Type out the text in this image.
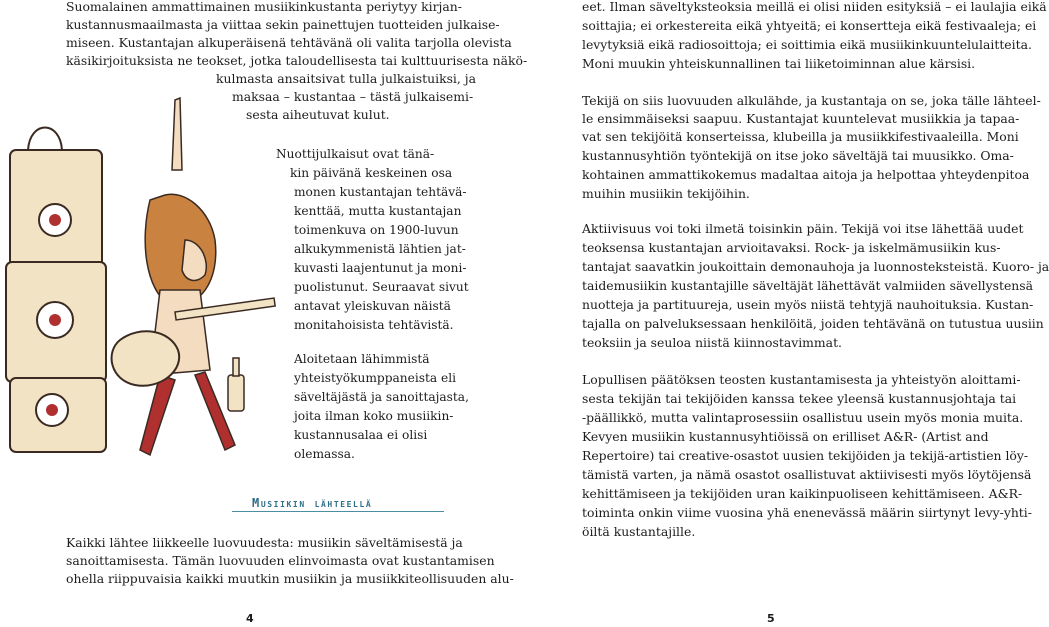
Suomalainen ammattimainen musiikinkustanta periytyy kirjan-
kustannusmaailmasta ja viittaa sekin painettujen tuotteiden julkaise-
miseen. Kustantajan alkuperäisenä tehtävänä oli valita tarjolla olevista
käsikirjoituksista ne teokset, jotka taloudellisesta tai kulttuurisesta näkö-
kulmasta ansaitsivat tulla julkaistuiksi, ja
maksaa – kustantaa – tästä julkaisemi-
sesta aiheutuvat kulut.
Nuottijulkaisut ovat tänä-
kin päivänä keskeinen osa
monen kustantajan tehtävä-
kenttää, mutta kustantajan
toimenkuva on 1900-luvun
alkukymmenistä lähtien jat-
kuvasti laajentunut ja moni-
puolistunut. Seuraavat sivut
antavat yleiskuvan näistä
monitahoisista tehtävistä.
Aloitetaan lähimmistä
yhteistyökumppaneista eli
säveltäjästä ja sanoittajasta,
joita ilman koko musiikin-
kustannusalaa ei olisi
olemassa.
Musiikin lähteellä
Kaikki lähtee liikkeelle luovuudesta: musiikin säveltämisestä ja
sanoittamisesta. Tämän luovuuden elinvoimasta ovat kustantamisen
ohella riippuvaisia kaikki muutkin musiikin ja musiikkiteollisuuden alu-
4
eet. Ilman säveltyksteoksia meillä ei olisi niiden esityksiä – ei laulajia eikä
soittajia; ei orkestereita eikä yhtyeitä; ei konsertteja eikä festivaaleja; ei
levytyksiä eikä radiosoittoja; ei soittimia eikä musiikinkuuntelulaitteita.
Moni muukin yhteiskunnallinen tai liiketoiminnan alue kärsisi.
Tekijä on siis luovuuden alkulähde, ja kustantaja on se, joka tälle lähteel-
le ensimmäiseksi saapuu. Kustantajat kuuntelevat musiikkia ja tapaa-
vat sen tekijöitä konserteissa, klubeilla ja musiikkifestivaaleilla. Moni
kustannusyhtiön työntekijä on itse joko säveltäjä tai muusikko. Oma-
kohtainen ammattikokemus madaltaa aitoja ja helpottaa yhteydenpitoa
muihin musiikin tekijöihin.
Aktiivisuus voi toki ilmetä toisinkin päin. Tekijä voi itse lähettää uudet
teoksensa kustantajan arvioitavaksi. Rock- ja iskelmämusiikin kus-
tantajat saavatkin joukoittain demonauhoja ja luonnosteksteistä. Kuoro- ja
taidemusiikin kustantajille säveltäjät lähettävät valmiiden sävellystensä
nuotteja ja partituureja, usein myös niistä tehtyjä nauhoituksia. Kustan-
tajalla on palveluksessaan henkilöitä, joiden tehtävänä on tutustua uusiin
teoksiin ja seuloa niistä kiinnostavimmat.
Lopullisen päätöksen teosten kustantamisesta ja yhteistyön aloittami-
sesta tekijän tai tekijöiden kanssa tekee yleensä kustannusjohtaja tai
-päällikkö, mutta valintaprosessiin osallistuu usein myös monia muita.
Kevyen musiikin kustannusyhtiöissä on erilliset A&R- (Artist and
Repertoire) tai creative-osastot uusien tekijöiden ja tekijä-artistien löy-
tämistä varten, ja nämä osastot osallistuvat aktiivisesti myös löytöjensä
kehittämiseen ja tekijöiden uran kaikinpuoliseen kehittämiseen. A&R-
toiminta onkin viime vuosina yhä enenevässä määrin siirtynyt levy-yhti-
öiltä kustantajille.
5
